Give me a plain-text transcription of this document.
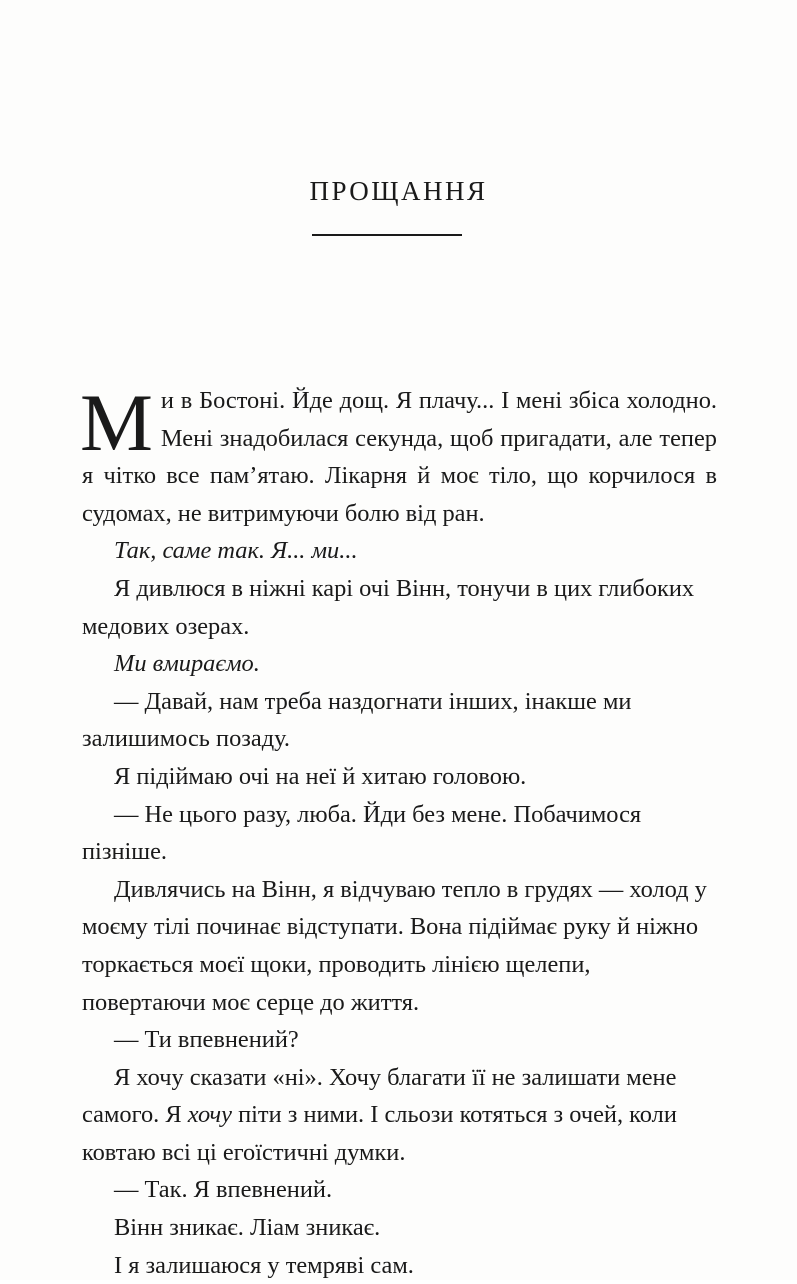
ПРОЩАННЯ

Ми в Бостоні. Йде дощ. Я плачу... І мені збіса холодно. Мені знадобилася секунда, щоб пригадати, але тепер я чітко все пам’ятаю. Лікарня й моє тіло, що корчилося в судомах, не витримуючи болю від ран.

Так, саме так. Я... ми...

Я дивлюся в ніжні карі очі Вінн, тонучи в цих глибоких медових озерах.

Ми вмираємо.

— Давай, нам треба наздогнати інших, інакше ми залишимось позаду.

Я підіймаю очі на неї й хитаю головою.

— Не цього разу, люба. Йди без мене. Побачимося пізніше.

Дивлячись на Вінн, я відчуваю тепло в грудях — холод у моєму тілі починає відступати. Вона підіймає руку й ніжно торкається моєї щоки, проводить лінією щелепи, повертаючи моє серце до життя.

— Ти впевнений?

Я хочу сказати «ні». Хочу благати її не залишати мене самого. Я хочу піти з ними. І сльози котяться з очей, коли ковтаю всі ці егоїстичні думки.

— Так. Я впевнений.

Вінн зникає. Ліам зникає.

І я залишаюся у темряві сам.
